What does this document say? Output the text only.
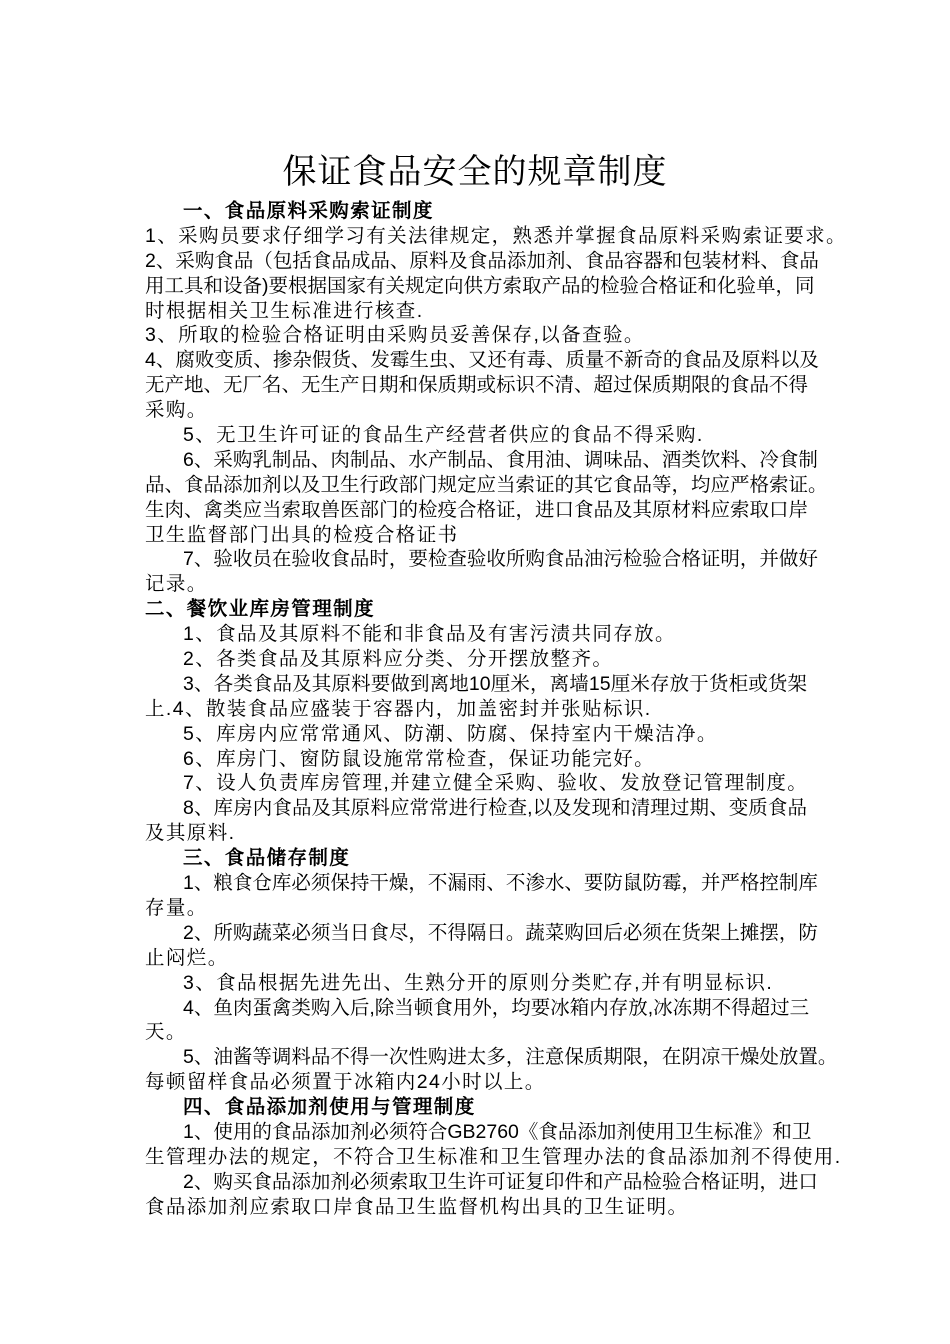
保证食品安全的规章制度
一、食品原料采购索证制度
1、采购员要求仔细学习有关法律规定，熟悉并掌握食品原料采购索证要求。
2、采购食品（包括食品成品、原料及食品添加剂、食品容器和包装材料、食品
用工具和设备)要根据国家有关规定向供方索取产品的检验合格证和化验单，同
时根据相关卫生标准进行核查.
3、所取的检验合格证明由采购员妥善保存,以备查验。
4、腐败变质、掺杂假货、发霉生虫、又还有毒、质量不新奇的食品及原料以及
无产地、无厂名、无生产日期和保质期或标识不清、超过保质期限的食品不得
采购。
5、无卫生许可证的食品生产经营者供应的食品不得采购.
6、采购乳制品、肉制品、水产制品、食用油、调味品、酒类饮料、冷食制
品、食品添加剂以及卫生行政部门规定应当索证的其它食品等，均应严格索证。
生肉、禽类应当索取兽医部门的检疫合格证，进口食品及其原材料应索取口岸
卫生监督部门出具的检疫合格证书
7、验收员在验收食品时，要检查验收所购食品油污检验合格证明，并做好
记录。
二、餐饮业库房管理制度
1、食品及其原料不能和非食品及有害污渍共同存放。
2、各类食品及其原料应分类、分开摆放整齐。
3、各类食品及其原料要做到离地10厘米，离墙15厘米存放于货柜或货架
上.4、散装食品应盛装于容器内，加盖密封并张贴标识.
5、库房内应常常通风、防潮、防腐、保持室内干燥洁净。
6、库房门、窗防鼠设施常常检查，保证功能完好。
7、设人负责库房管理,并建立健全采购、验收、发放登记管理制度。
8、库房内食品及其原料应常常进行检查,以及发现和清理过期、变质食品
及其原料.
三、食品储存制度
1、粮食仓库必须保持干燥，不漏雨、不渗水、要防鼠防霉，并严格控制库
存量。
2、所购蔬菜必须当日食尽，不得隔日。蔬菜购回后必须在货架上摊摆，防
止闷烂。
3、食品根据先进先出、生熟分开的原则分类贮存,并有明显标识.
4、鱼肉蛋禽类购入后,除当顿食用外，均要冰箱内存放,冰冻期不得超过三
天。
5、油酱等调料品不得一次性购进太多，注意保质期限，在阴凉干燥处放置。
每顿留样食品必须置于冰箱内24小时以上。
四、食品添加剂使用与管理制度
1、使用的食品添加剂必须符合GB2760《食品添加剂使用卫生标准》和卫
生管理办法的规定，不符合卫生标准和卫生管理办法的食品添加剂不得使用.
2、购买食品添加剂必须索取卫生许可证复印件和产品检验合格证明，进口
食品添加剂应索取口岸食品卫生监督机构出具的卫生证明。
